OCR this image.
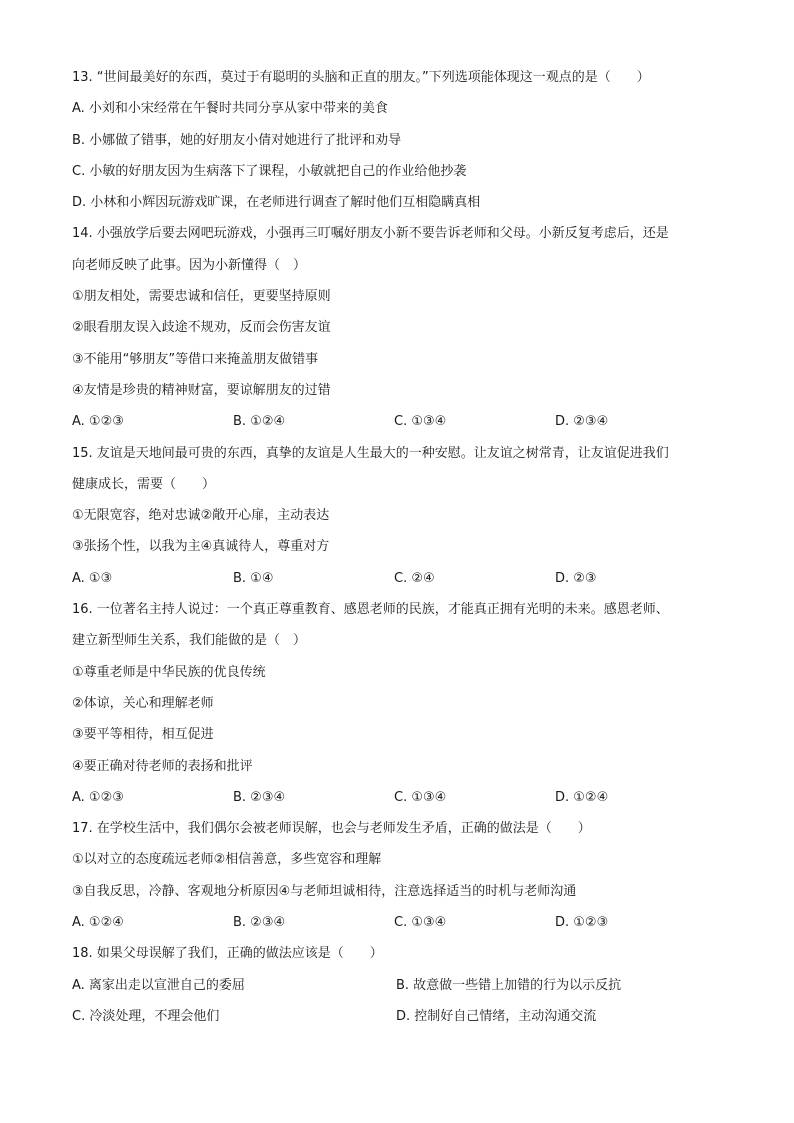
13. “世间最美好的东西，莫过于有聪明的头脑和正直的朋友。”下列选项能体现这一观点的是（　　）
A. 小刘和小宋经常在午餐时共同分享从家中带来的美食
B. 小娜做了错事，她的好朋友小倩对她进行了批评和劝导
C. 小敏的好朋友因为生病落下了课程，小敏就把自己的作业给他抄袭
D. 小林和小辉因玩游戏旷课，在老师进行调查了解时他们互相隐瞒真相
14. 小强放学后要去网吧玩游戏，小强再三叮嘱好朋友小新不要告诉老师和父母。小新反复考虑后，还是
向老师反映了此事。因为小新懂得（　）
①朋友相处，需要忠诚和信任，更要坚持原则
②眼看朋友误入歧途不规劝，反而会伤害友谊
③不能用“够朋友”等借口来掩盖朋友做错事
④友情是珍贵的精神财富，要谅解朋友的过错
A. ①②③	B. ①②④	C. ①③④	D. ②③④
15. 友谊是天地间最可贵的东西，真挚的友谊是人生最大的一种安慰。让友谊之树常青，让友谊促进我们
健康成长，需要（　　）
①无限宽容，绝对忠诚②敞开心扉，主动表达
③张扬个性，以我为主④真诚待人，尊重对方
A. ①③	B. ①④	C. ②④	D. ②③
16. 一位著名主持人说过：一个真正尊重教育、感恩老师的民族，才能真正拥有光明的未来。感恩老师、
建立新型师生关系，我们能做的是（　）
①尊重老师是中华民族的优良传统
②体谅，关心和理解老师
③要平等相待，相互促进
④要正确对待老师的表扬和批评
A. ①②③	B. ②③④	C. ①③④	D. ①②④
17. 在学校生活中，我们偶尔会被老师误解，也会与老师发生矛盾，正确的做法是（　　）
①以对立的态度疏远老师②相信善意，多些宽容和理解
③自我反思，冷静、客观地分析原因④与老师坦诚相待，注意选择适当的时机与老师沟通
A. ①②④	B. ②③④	C. ①③④	D. ①②③
18. 如果父母误解了我们，正确的做法应该是（　　）
A. 离家出走以宣泄自己的委屈	B. 故意做一些错上加错的行为以示反抗
C. 冷淡处理，不理会他们	D. 控制好自己情绪，主动沟通交流
